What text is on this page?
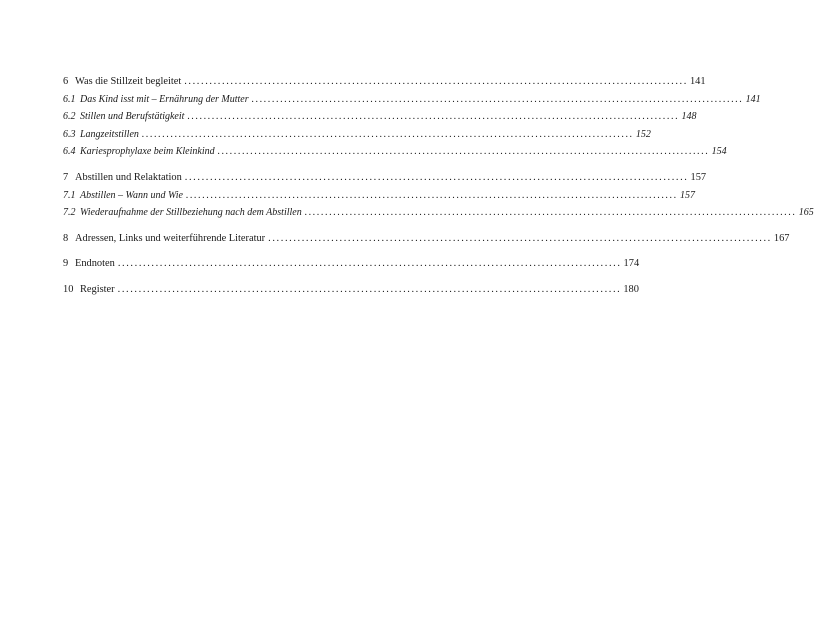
6 Was die Stillzeit begleitet ........................................................................................................................ 141
6.1 Das Kind isst mit – Ernährung der Mutter ........................................................................................................................ 141
6.2 Stillen und Berufstätigkeit ........................................................................................................................ 148
6.3 Langzeitstillen ........................................................................................................................ 152
6.4 Kariesprophylaxe beim Kleinkind ........................................................................................................................ 154
7 Abstillen und Relaktation ........................................................................................................................ 157
7.1 Abstillen – Wann und Wie ........................................................................................................................ 157
7.2 Wiederaufnahme der Stillbeziehung nach dem Abstillen ........................................................................................................................ 165
8 Adressen, Links und weiterführende Literatur ........................................................................................................................ 167
9 Endnoten ........................................................................................................................ 174
10 Register ........................................................................................................................ 180
